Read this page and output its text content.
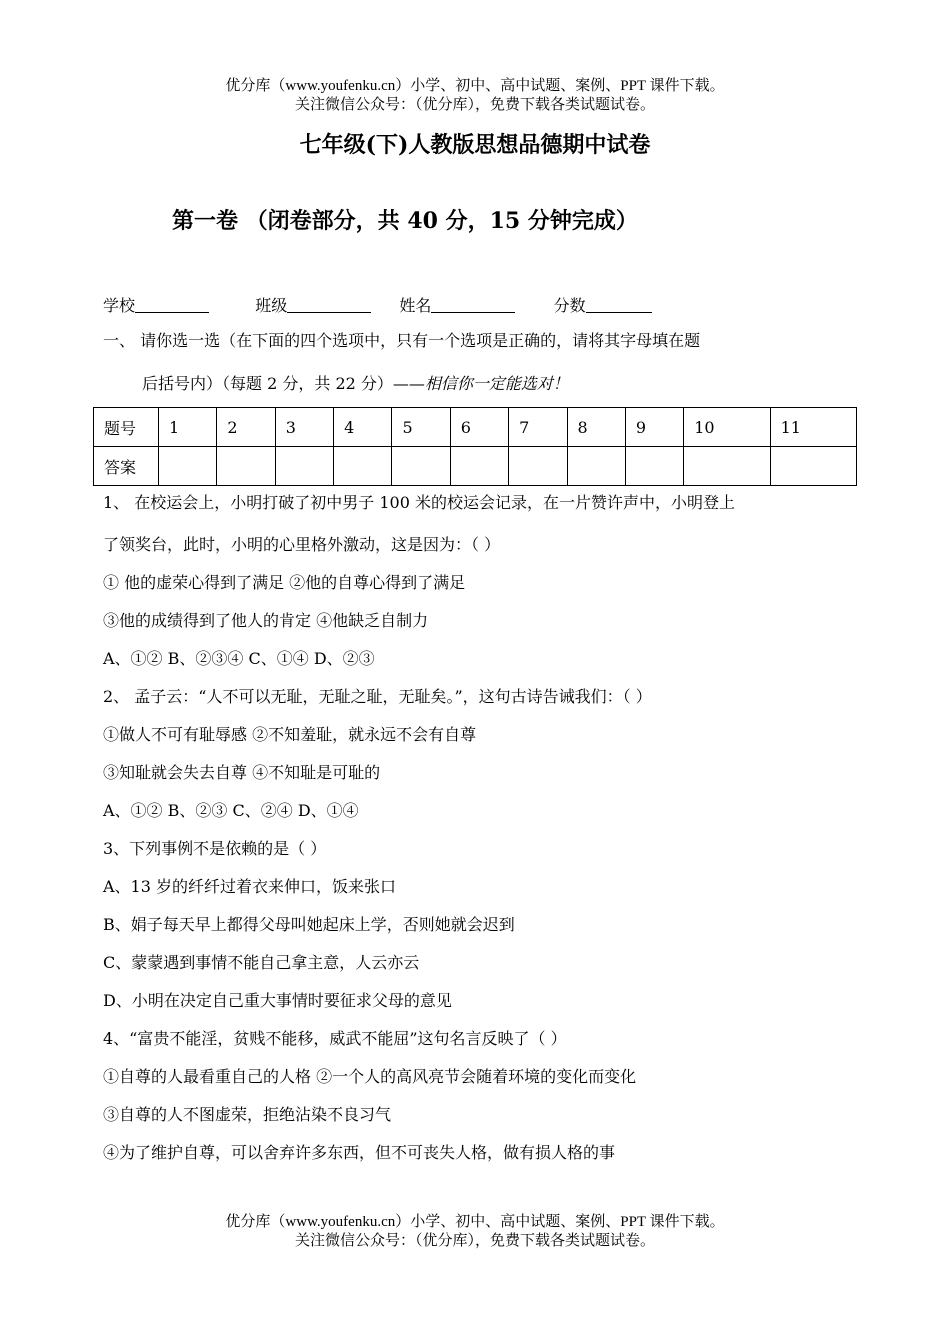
优分库（www.youfenku.cn）小学、初中、高中试题、案例、PPT 课件下载。
关注微信公众号：（优分库），免费下载各类试题试卷。
七年级(下)人教版思想品德期中试卷
第一卷 （闭卷部分，共 40 分，15 分钟完成）
学校	班级	姓名	分数
一、 请你选一选（在下面的四个选项中，只有一个选项是正确的，请将其字母填在题
后括号内）（每题 2 分，共 22 分）——相信你一定能选对！
题号	1	2	3	4	5	6	7	8	9	10	11
答案											
1、 在校运会上，小明打破了初中男子 100 米的校运会记录，在一片赞许声中，小明登上
了领奖台，此时，小明的心里格外激动，这是因为：（ ）
① 他的虚荣心得到了满足 ②他的自尊心得到了满足
③他的成绩得到了他人的肯定 ④他缺乏自制力
A、①② B、②③④ C、①④ D、②③
2、 孟子云：“人不可以无耻，无耻之耻，无耻矣。”，这句古诗告诫我们：（ ）
①做人不可有耻辱感 ②不知羞耻，就永远不会有自尊
③知耻就会失去自尊 ④不知耻是可耻的
A、①② B、②③ C、②④ D、①④
3、下列事例不是依赖的是（ ）
A、13 岁的纤纤过着衣来伸口，饭来张口
B、娟子每天早上都得父母叫她起床上学，否则她就会迟到
C、蒙蒙遇到事情不能自己拿主意，人云亦云
D、小明在决定自己重大事情时要征求父母的意见
4、“富贵不能淫，贫贱不能移，威武不能屈”这句名言反映了（ ）
①自尊的人最看重自己的人格 ②一个人的高风亮节会随着环境的变化而变化
③自尊的人不图虚荣，拒绝沾染不良习气
④为了维护自尊，可以舍弃许多东西，但不可丧失人格，做有损人格的事
优分库（www.youfenku.cn）小学、初中、高中试题、案例、PPT 课件下载。
关注微信公众号：（优分库），免费下载各类试题试卷。
